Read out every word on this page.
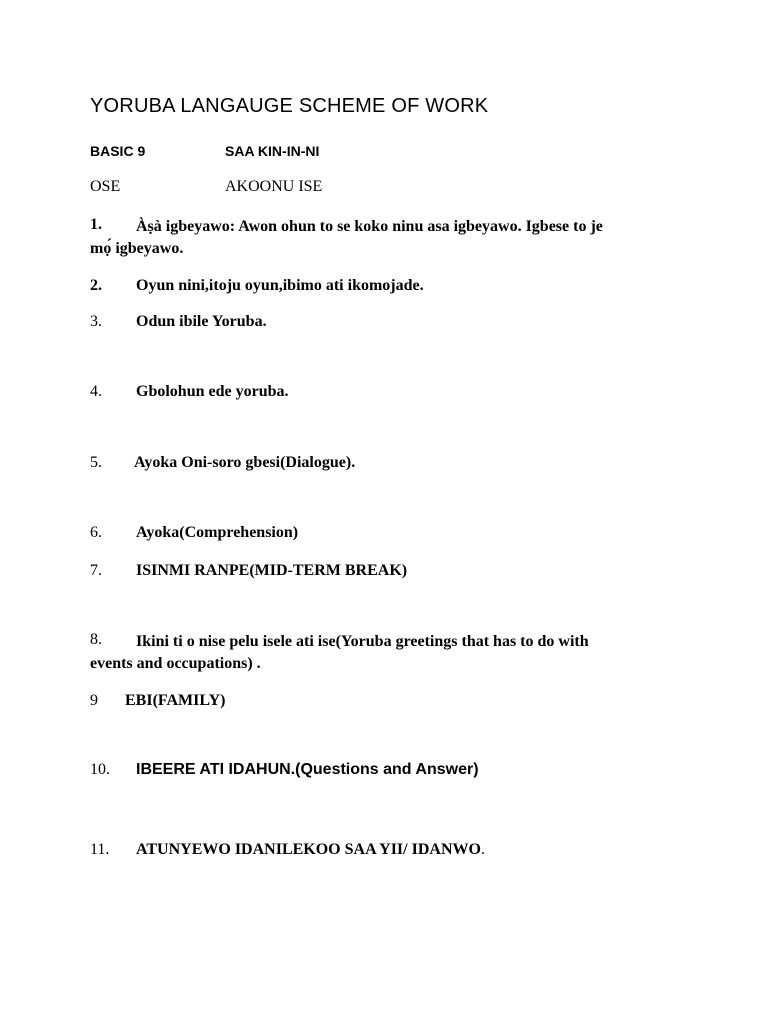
YORUBA LANGAUGE SCHEME OF WORK
BASIC 9	SAA KIN-IN-NI
OSE	AKOONU ISE
1.	Àṣà igbeyawo: Awon ohun to se koko ninu asa igbeyawo. Igbese to je
mọ́ igbeyawo.
2.	Oyun nini,itoju oyun,ibimo ati ikomojade.
3.	Odun ibile Yoruba.
4.	Gbolohun ede yoruba.
5.	Ayoka Oni-soro gbesi(Dialogue).
6.	Ayoka(Comprehension)
7.	ISINMI RANPE(MID-TERM BREAK)
8.	Ikini ti o nise pelu isele ati ise(Yoruba greetings that has to do with
events and occupations) .
9	EBI(FAMILY)
10.	IBEERE ATI IDAHUN.(Questions and Answer)
11.	ATUNYEWO IDANILEKOO SAA YII/ IDANWO.
